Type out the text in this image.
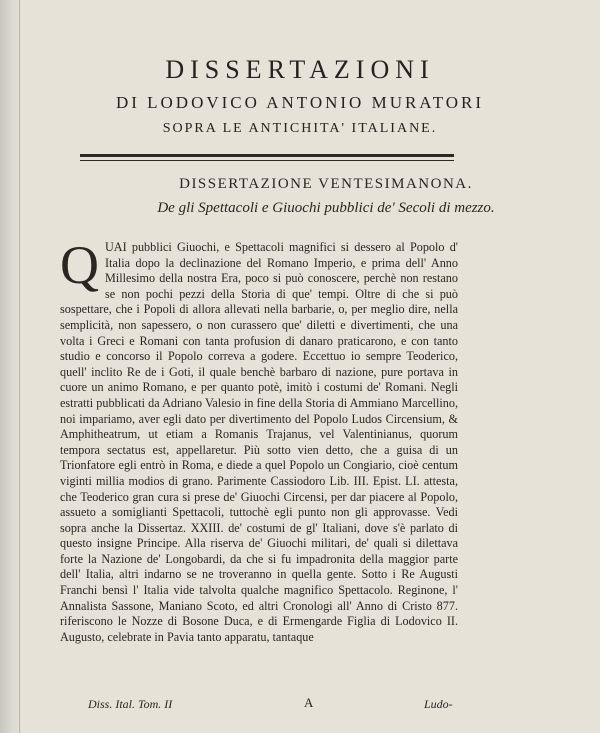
DISSERTAZIONI
DI LODOVICO ANTONIO MURATORI
SOPRA LE ANTICHITA' ITALIANE.
DISSERTAZIONE VENTESIMANONA.
De gli Spettacoli e Giuochi pubblici de' Secoli di mezzo.
Q UAI pubblici Giuochi, e Spettacoli magnifici si dessero al Popolo d' Italia dopo la declinazione del Romano Imperio, e prima dell' Anno Millesimo della nostra Era, poco si può conoscere, perchè non restano se non pochi pezzi della Storia di que' tempi. Oltre di che si può sospettare, che i Popoli di allora allevati nella barbarie, o, per meglio dire, nella semplicità, non sapessero, o non curassero que' diletti e divertimenti, che una volta i Greci e Romani con tanta profusion di danaro praticarono, e con tanto studio e concorso il Popolo correva a godere. Eccettuo io sempre Teoderico, quell' inclito Re de i Goti, il quale benchè barbaro di nazione, pure portava in cuore un animo Romano, e per quanto potè, imitò i costumi de' Romani. Negli estratti pubblicati da Adriano Valesio in fine della Storia di Ammiano Marcellino, noi impariamo, aver egli dato per divertimento del Popolo Ludos Circensium, & Amphitheatrum, ut etiam a Romanis Trajanus, vel Valentinianus, quorum tempora sectatus est, appellaretur. Più sotto vien detto, che a guisa di un Trionfatore egli entrò in Roma, e diede a quel Popolo un Congiario, cioè centum viginti millia modios di grano. Parimente Cassiodoro Lib. III. Epist. LI. attesta, che Teoderico gran cura si prese de' Giuochi Circensi, per dar piacere al Popolo, assueto a somiglianti Spettacoli, tuttochè egli punto non gli approvasse. Vedi sopra anche la Dissertaz. XXIII. de' costumi de gl' Italiani, dove s'è parlato di questo insigne Principe. Alla riserva de' Giuochi militari, de' quali si dilettava forte la Nazione de' Longobardi, da che si fu impadronita della maggior parte dell' Italia, altri indarno se ne troveranno in quella gente. Sotto i Re Augusti Franchi bensì l' Italia vide talvolta qualche magnifico Spettacolo. Reginone, l' Annalista Sassone, Maniano Scoto, ed altri Cronologi all' Anno di Cristo 877. riferiscono le Nozze di Bosone Duca, e di Ermengarde Figlia di Lodovico II. Augusto, celebrate in Pavia tanto apparatu, tantaque

Diss. Ital. Tom. II	A	Ludo-
